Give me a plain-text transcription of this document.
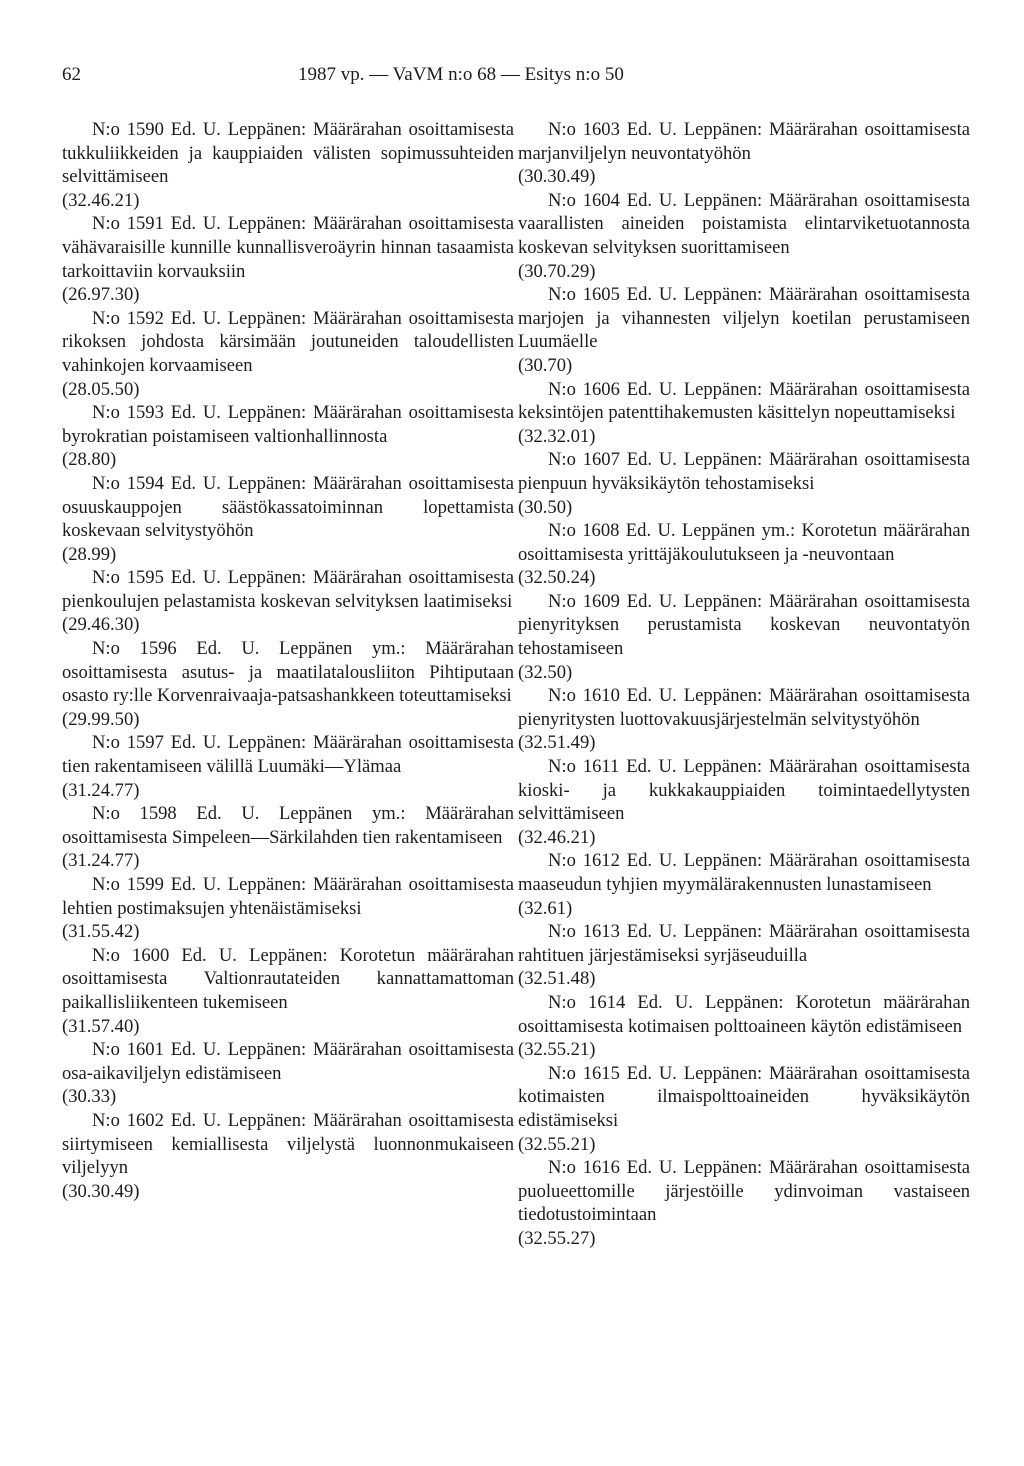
62	1987 vp. — VaVM n:o 68 — Esitys n:o 50

N:o 1590 Ed. U. Leppänen: Määrärahan osoittamisesta tukkuliikkeiden ja kauppiaiden välisten sopimussuhteiden selvittämiseen

(32.46.21)

N:o 1591 Ed. U. Leppänen: Määrärahan osoittamisesta vähävaraisille kunnille kunnallisveroäyrin hinnan tasaamista tarkoittaviin korvauksiin

(26.97.30)

N:o 1592 Ed. U. Leppänen: Määrärahan osoittamisesta rikoksen johdosta kärsimään joutuneiden taloudellisten vahinkojen korvaamiseen

(28.05.50)

N:o 1593 Ed. U. Leppänen: Määrärahan osoittamisesta byrokratian poistamiseen valtionhallinnosta

(28.80)

N:o 1594 Ed. U. Leppänen: Määrärahan osoittamisesta osuuskauppojen säästökassatoiminnan lopettamista koskevaan selvitystyöhön

(28.99)

N:o 1595 Ed. U. Leppänen: Määrärahan osoittamisesta pienkoulujen pelastamista koskevan selvityksen laatimiseksi

(29.46.30)

N:o 1596 Ed. U. Leppänen ym.: Määrärahan osoittamisesta asutus- ja maatilatalousliiton Pihtiputaan osasto ry:lle Korvenraivaaja-patsashankkeen toteuttamiseksi

(29.99.50)

N:o 1597 Ed. U. Leppänen: Määrärahan osoittamisesta tien rakentamiseen välillä Luumäki—Ylämaa

(31.24.77)

N:o 1598 Ed. U. Leppänen ym.: Määrärahan osoittamisesta Simpeleen—Särkilahden tien rakentamiseen

(31.24.77)

N:o 1599 Ed. U. Leppänen: Määrärahan osoittamisesta lehtien postimaksujen yhtenäistämiseksi

(31.55.42)

N:o 1600 Ed. U. Leppänen: Korotetun määrärahan osoittamisesta Valtionrautateiden kannattamattoman paikallisliikenteen tukemiseen

(31.57.40)

N:o 1601 Ed. U. Leppänen: Määrärahan osoittamisesta osa-aikaviljelyn edistämiseen

(30.33)

N:o 1602 Ed. U. Leppänen: Määrärahan osoittamisesta siirtymiseen kemiallisesta viljelystä luonnonmukaiseen viljelyyn

(30.30.49)

N:o 1603 Ed. U. Leppänen: Määrärahan osoittamisesta marjanviljelyn neuvontatyöhön

(30.30.49)

N:o 1604 Ed. U. Leppänen: Määrärahan osoittamisesta vaarallisten aineiden poistamista elintarviketuotannosta koskevan selvityksen suorittamiseen

(30.70.29)

N:o 1605 Ed. U. Leppänen: Määrärahan osoittamisesta marjojen ja vihannesten viljelyn koetilan perustamiseen Luumäelle

(30.70)

N:o 1606 Ed. U. Leppänen: Määrärahan osoittamisesta keksintöjen patenttihakemusten käsittelyn nopeuttamiseksi

(32.32.01)

N:o 1607 Ed. U. Leppänen: Määrärahan osoittamisesta pienpuun hyväksikäytön tehostamiseksi

(30.50)

N:o 1608 Ed. U. Leppänen ym.: Korotetun määrärahan osoittamisesta yrittäjäkoulutukseen ja -neuvontaan

(32.50.24)

N:o 1609 Ed. U. Leppänen: Määrärahan osoittamisesta pienyrityksen perustamista koskevan neuvontatyön tehostamiseen

(32.50)

N:o 1610 Ed. U. Leppänen: Määrärahan osoittamisesta pienyritysten luottovakuusjärjestelmän selvitystyöhön

(32.51.49)

N:o 1611 Ed. U. Leppänen: Määrärahan osoittamisesta kioski- ja kukkakauppiaiden toimintaedellytysten selvittämiseen

(32.46.21)

N:o 1612 Ed. U. Leppänen: Määrärahan osoittamisesta maaseudun tyhjien myymälärakennusten lunastamiseen

(32.61)

N:o 1613 Ed. U. Leppänen: Määrärahan osoittamisesta rahtituen järjestämiseksi syrjäseuduilla

(32.51.48)

N:o 1614 Ed. U. Leppänen: Korotetun määrärahan osoittamisesta kotimaisen polttoaineen käytön edistämiseen

(32.55.21)

N:o 1615 Ed. U. Leppänen: Määrärahan osoittamisesta kotimaisten ilmaispolttoaineiden hyväksikäytön edistämiseksi

(32.55.21)

N:o 1616 Ed. U. Leppänen: Määrärahan osoittamisesta puolueettomille järjestöille ydinvoiman vastaiseen tiedotustoimintaan

(32.55.27)
